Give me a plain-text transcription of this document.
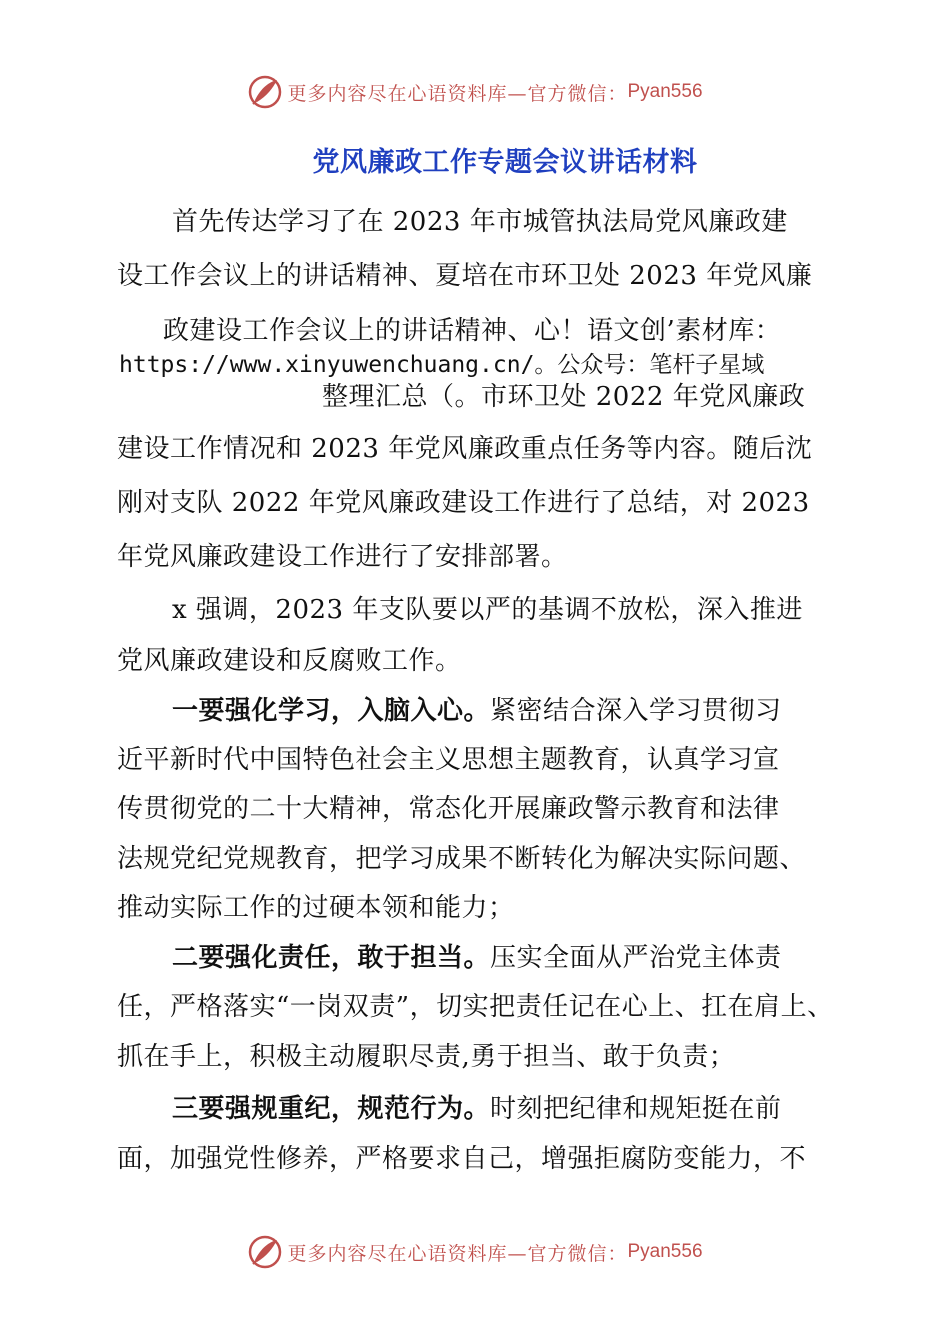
更多内容尽在心语资料库—官方微信： Pyan556
党风廉政工作专题会议讲话材料
首先传达学习了在 2023 年市城管执法局党风廉政建
设工作会议上的讲话精神、夏培在市环卫处 2023 年党风廉
政建设工作会议上的讲话精神、心！语文创’素材库：
https://www.xinyuwenchuang.cn/。公众号：笔杆子星域
整理汇总（。市环卫处 2022 年党风廉政
建设工作情况和 2023 年党风廉政重点任务等内容。随后沈
刚对支队 2022 年党风廉政建设工作进行了总结，对 2023
年党风廉政建设工作进行了安排部署。
x 强调，2023 年支队要以严的基调不放松，深入推进
党风廉政建设和反腐败工作。
一要强化学习，入脑入心。紧密结合深入学习贯彻习
近平新时代中国特色社会主义思想主题教育，认真学习宣
传贯彻党的二十大精神，常态化开展廉政警示教育和法律
法规党纪党规教育，把学习成果不断转化为解决实际问题、
推动实际工作的过硬本领和能力；
二要强化责任，敢于担当。压实全面从严治党主体责
任，严格落实“一岗双责”，切实把责任记在心上、扛在肩上、
抓在手上，积极主动履职尽责,勇于担当、敢于负责；
三要强规重纪，规范行为。时刻把纪律和规矩挺在前
面，加强党性修养，严格要求自己，增强拒腐防变能力，不
更多内容尽在心语资料库—官方微信： Pyan556
